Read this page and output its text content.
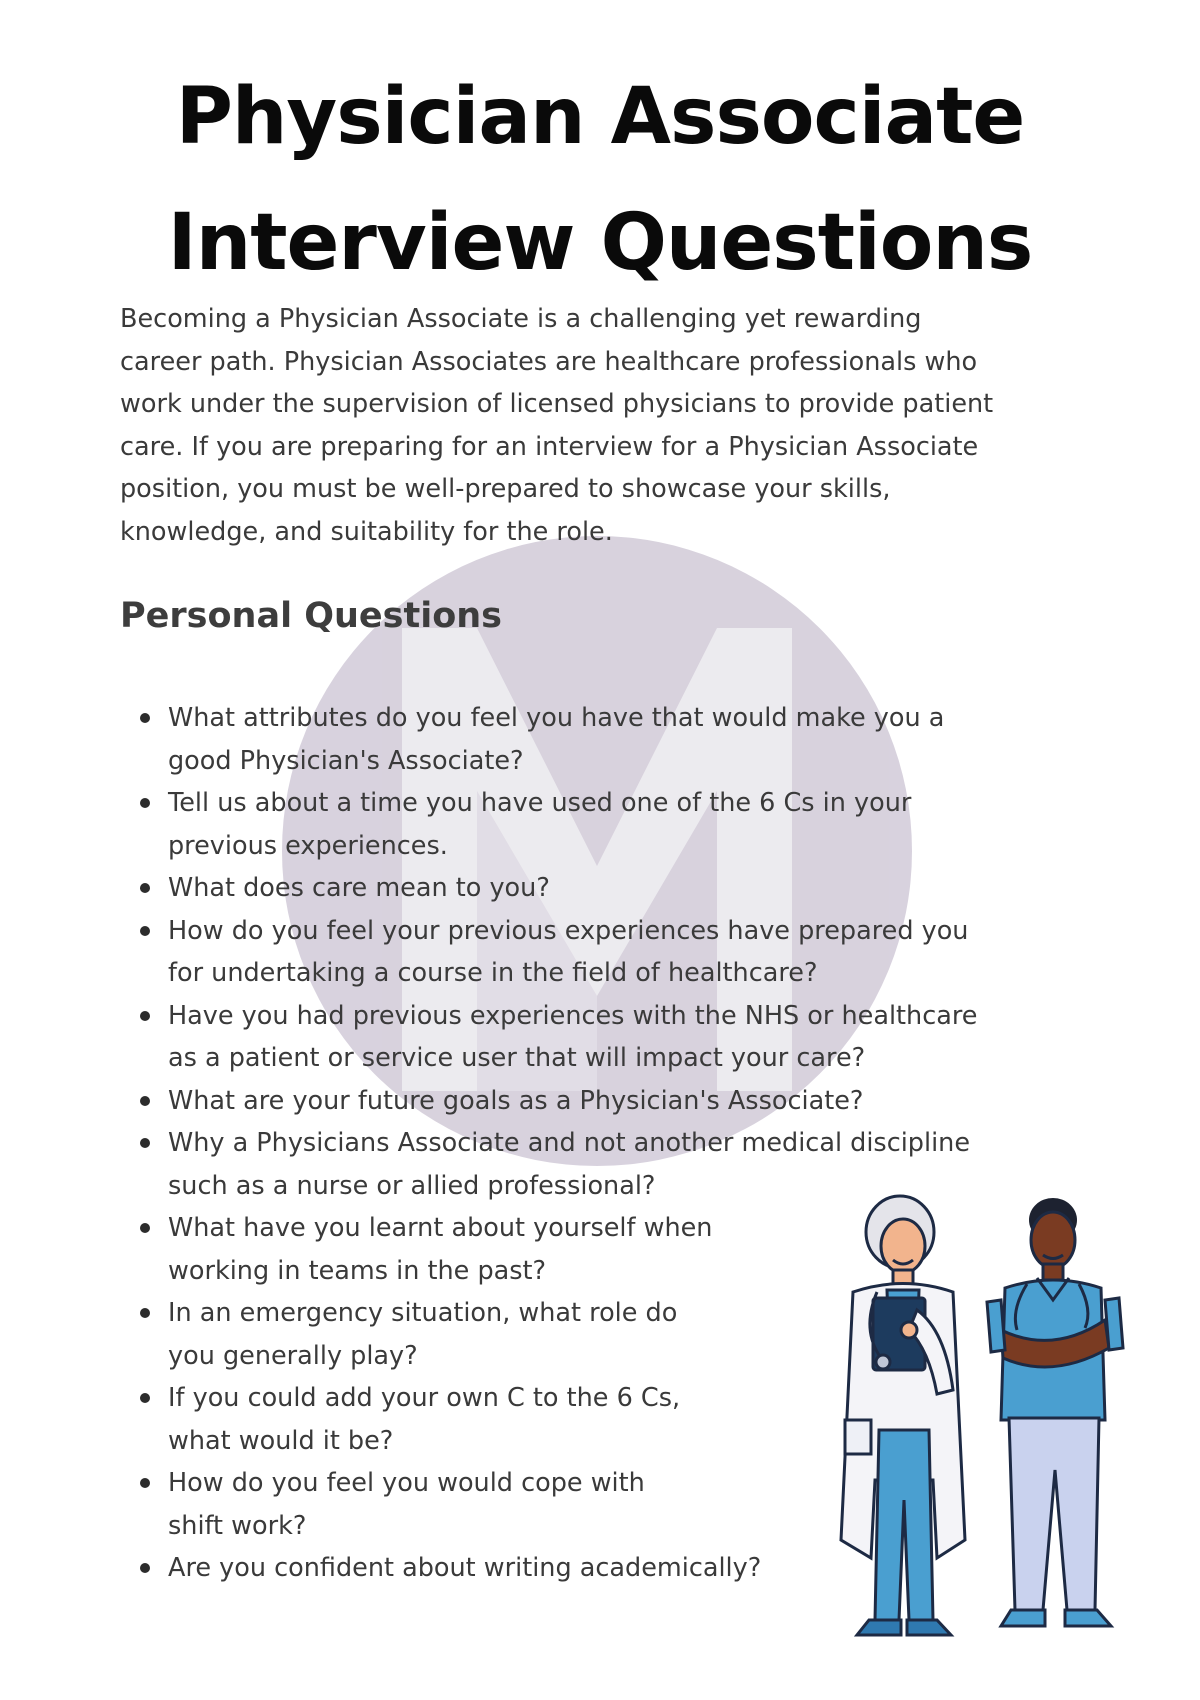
Physician Associate
Interview Questions

Becoming a Physician Associate is a challenging yet rewarding
career path. Physician Associates are healthcare professionals who
work under the supervision of licensed physicians to provide patient
care. If you are preparing for an interview for a Physician Associate
position, you must be well-prepared to showcase your skills,
knowledge, and suitability for the role.

Personal Questions
What attributes do you feel you have that would make you a
good Physician's Associate?
Tell us about a time you have used one of the 6 Cs in your
previous experiences.
What does care mean to you?
How do you feel your previous experiences have prepared you
for undertaking a course in the field of healthcare?
Have you had previous experiences with the NHS or healthcare
as a patient or service user that will impact your care?
What are your future goals as a Physician's Associate?
Why a Physicians Associate and not another medical discipline
such as a nurse or allied professional?
What have you learnt about yourself when
working in teams in the past?
In an emergency situation, what role do
you generally play?
If you could add your own C to the 6 Cs,
what would it be?
How do you feel you would cope with
shift work?
Are you confident about writing academically?
